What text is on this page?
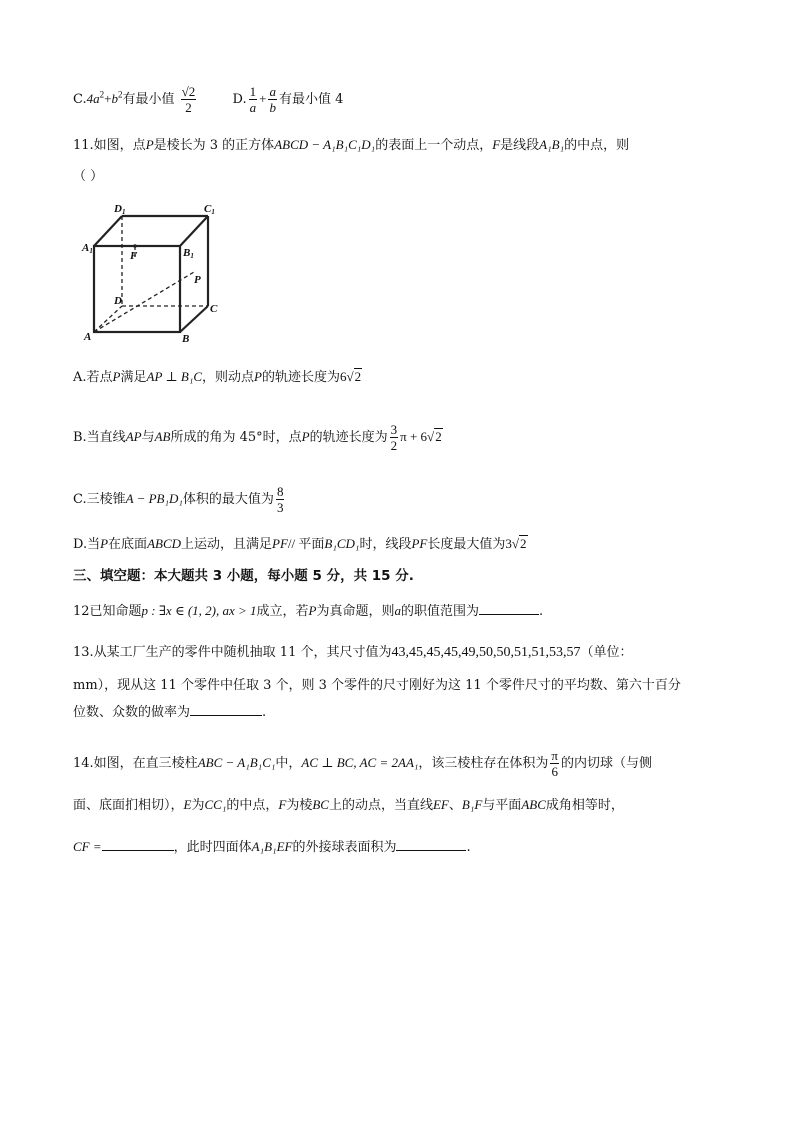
$C.4a^2+b^2$有最小值 $\frac{√2}{2}$	D. $\frac{1}{a} + \frac{a}{b}$ 有最小值 4
11.如图，点P是棱长为 3 的正方体ABCD − A₁B₁C₁D₁的表面上一个动点，F是线段A₁B₁的中点，则
（ ）
D1	C1
A1	B1
F
P
D
C
A	B
A.若点P满足AP ⊥ B₁C，则动点P的轨迹长度为6√2
B.当直线AP与AB所成的角为 45°时，点P的轨迹长度为 $\frac{3}{2}$ π + 6√2
C.三棱锥A − PB₁D₁体积的最大值为 $\frac{8}{3}$
D.当P在底面ABCD上运动，且满足PF// 平面B₁CD₁时，线段PF长度最大值为3√2
三、填空题：本大题共 3 小题，每小题 5 分，共 15 分.
12已知命题p : ∃x ∈ (1, 2), ax > 1成立，若P为真命题，则a的职值范围为	.
13.从某工厂生产的零件中随机抽取 11 个，其尺寸值为43,45,45,45,49,50,50,51,51,53,57（单位：
mm），现从这 11 个零件中任取 3 个，则 3 个零件的尺寸刚好为这 11 个零件尺寸的平均数、第六十百分
位数、众数的做率为	.
14.如图，在直三棱柱ABC − A₁B₁C₁中，AC ⊥ BC, AC = 2AA₁，该三棱柱存在体积为 $\frac{\pi}{6}$ 的内切球（与侧
面、底面扪相切），E为CC₁的中点，F为棱BC上的动点，当直线EF、B₁F与平面ABC成角相等时，
CF =	，此时四面体A₁B₁EF的外接球表面积为	.
